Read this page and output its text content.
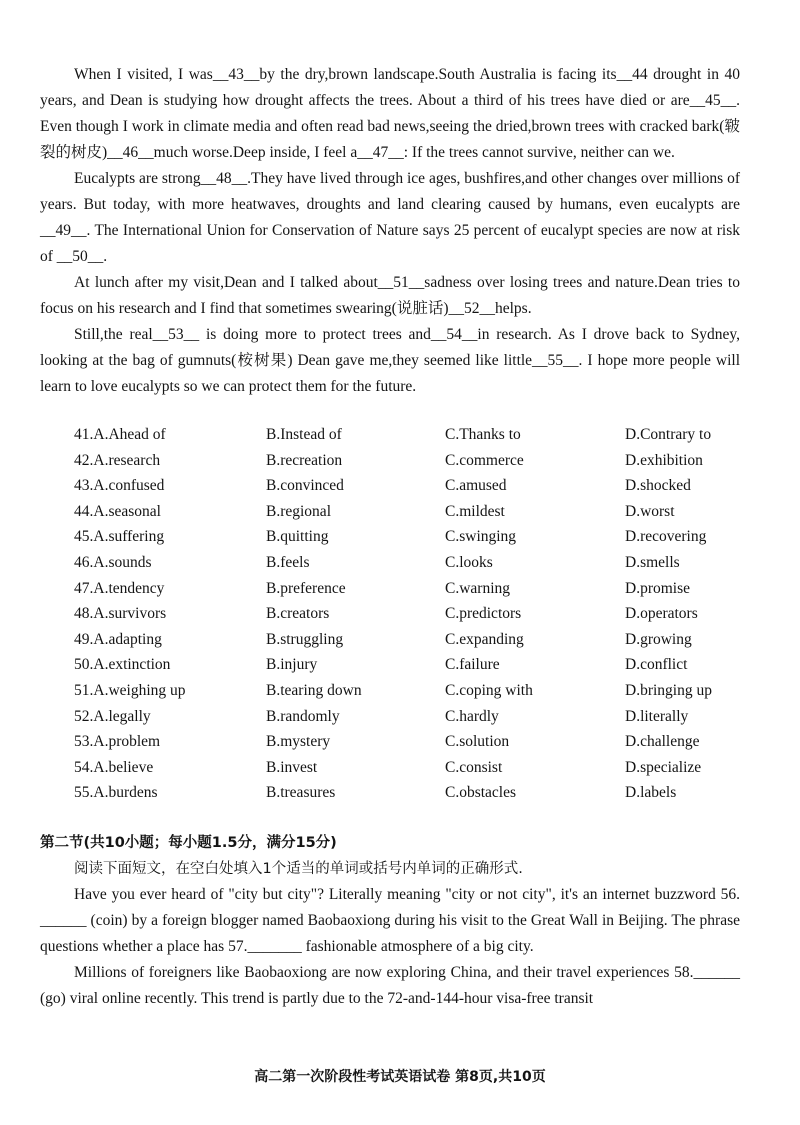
When I visited, I was__43__by the dry,brown landscape.South Australia is facing its__44 drought in 40 years, and Dean is studying how drought affects the trees. About a third of his trees have died or are__45__. Even though I work in climate media and often read bad news,seeing the dried,brown trees with cracked bark(皲裂的树皮)__46__much worse.Deep inside, I feel a__47__: If the trees cannot survive, neither can we.

Eucalypts are strong__48__.They have lived through ice ages, bushfires,and other changes over millions of years. But today, with more heatwaves, droughts and land clearing caused by humans, even eucalypts are __49__. The International Union for Conservation of Nature says 25 percent of eucalypt species are now at risk of __50__.

At lunch after my visit,Dean and I talked about__51__sadness over losing trees and nature.Dean tries to focus on his research and I find that sometimes swearing(说脏话)__52__helps.

Still,the real__53__ is doing more to protect trees and__54__in research. As I drove back to Sydney, looking at the bag of gumnuts(桉树果) Dean gave me,they seemed like little__55__. I hope more people will learn to love eucalypts so we can protect them for the future.

41.A.Ahead of	B.Instead of	C.Thanks to	D.Contrary to
42.A.research	B.recreation	C.commerce	D.exhibition
43.A.confused	B.convinced	C.amused	D.shocked
44.A.seasonal	B.regional	C.mildest	D.worst
45.A.suffering	B.quitting	C.swinging	D.recovering
46.A.sounds	B.feels	C.looks	D.smells
47.A.tendency	B.preference	C.warning	D.promise
48.A.survivors	B.creators	C.predictors	D.operators
49.A.adapting	B.struggling	C.expanding	D.growing
50.A.extinction	B.injury	C.failure	D.conflict
51.A.weighing up	B.tearing down	C.coping with	D.bringing up
52.A.legally	B.randomly	C.hardly	D.literally
53.A.problem	B.mystery	C.solution	D.challenge
54.A.believe	B.invest	C.consist	D.specialize
55.A.burdens	B.treasures	C.obstacles	D.labels

第二节(共10小题；每小题1.5分，满分15分)

阅读下面短文，在空白处填入1个适当的单词或括号内单词的正确形式.

Have you ever heard of "city but city"? Literally meaning "city or not city", it's an internet buzzword 56. ______ (coin) by a foreign blogger named Baobaoxiong during his visit to the Great Wall in Beijing. The phrase questions whether a place has 57._______ fashionable atmosphere of a big city.

Millions of foreigners like Baobaoxiong are now exploring China, and their travel experiences 58.______ (go) viral online recently. This trend is partly due to the 72-and-144-hour visa-free transit

高二第一次阶段性考试英语试卷 第8页,共10页
